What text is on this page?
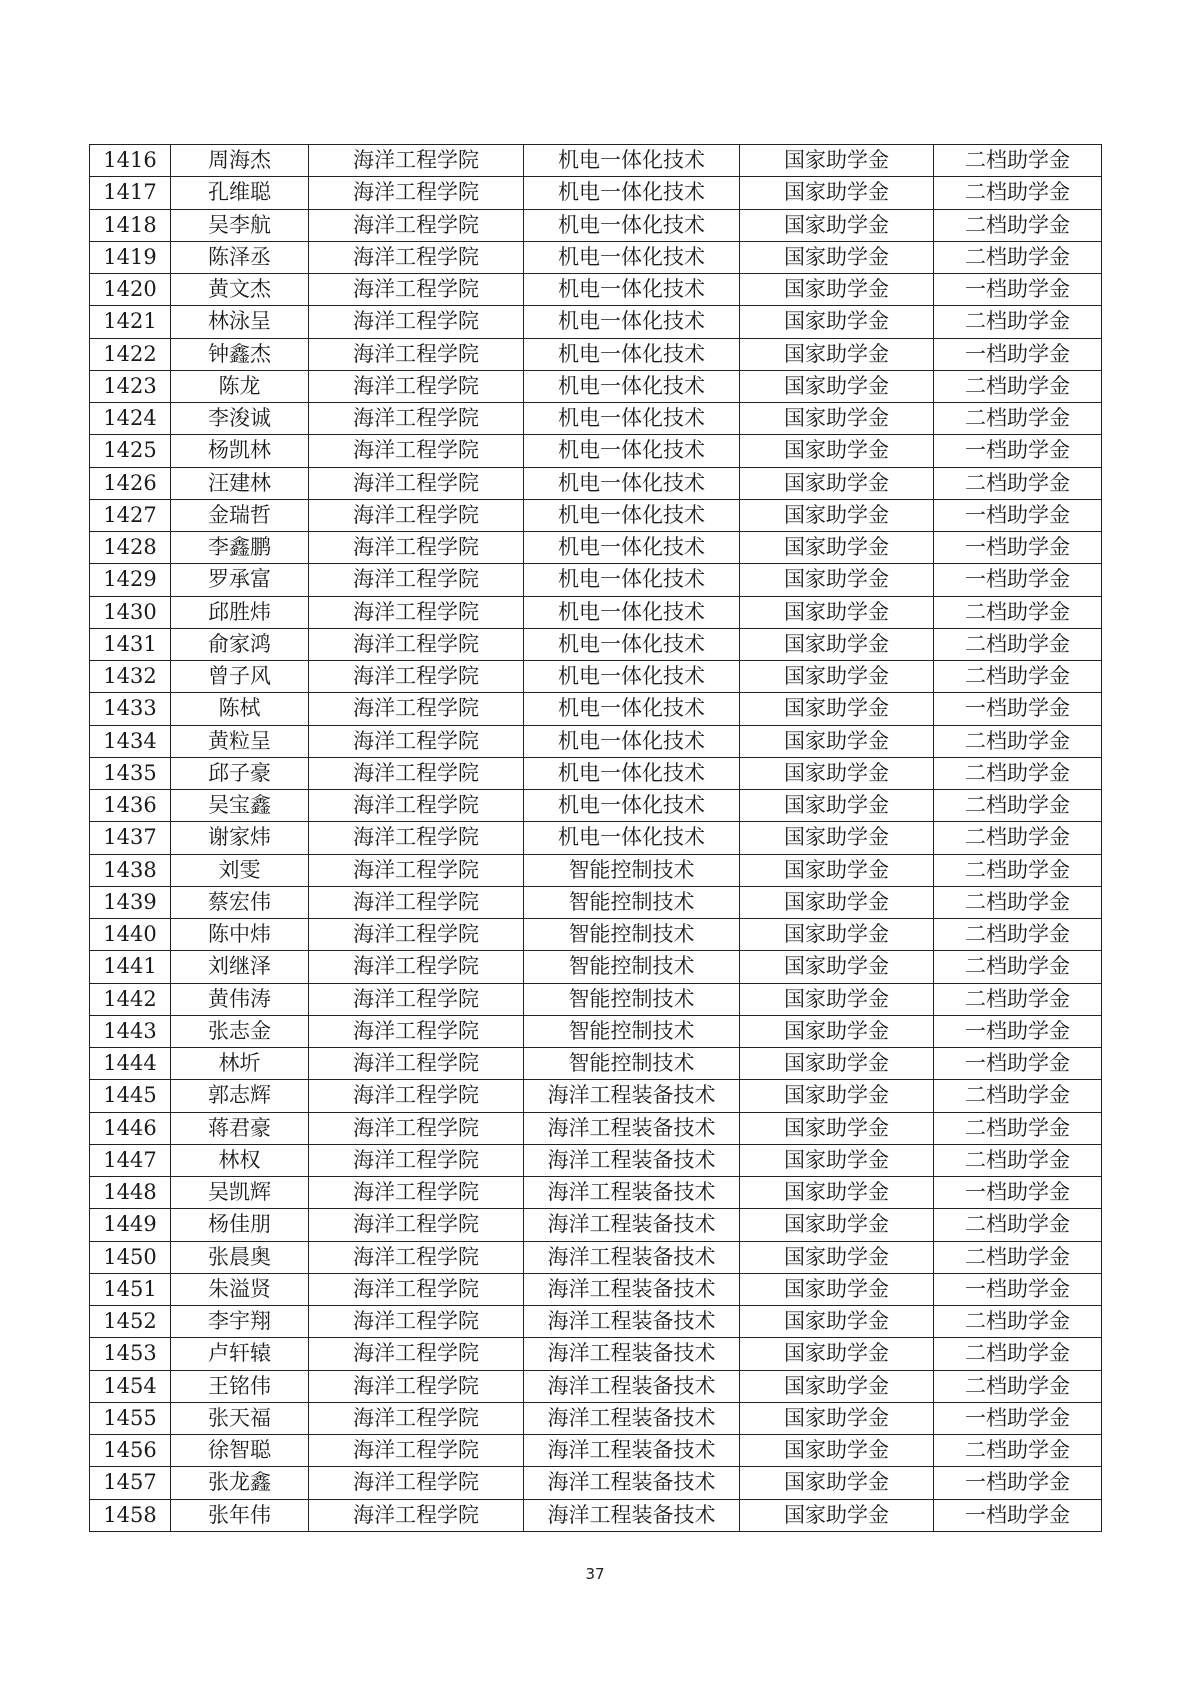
1416	周海杰	海洋工程学院	机电一体化技术	国家助学金	二档助学金
1417	孔维聪	海洋工程学院	机电一体化技术	国家助学金	二档助学金
1418	吴李航	海洋工程学院	机电一体化技术	国家助学金	二档助学金
1419	陈泽丞	海洋工程学院	机电一体化技术	国家助学金	二档助学金
1420	黄文杰	海洋工程学院	机电一体化技术	国家助学金	一档助学金
1421	林泳呈	海洋工程学院	机电一体化技术	国家助学金	二档助学金
1422	钟鑫杰	海洋工程学院	机电一体化技术	国家助学金	一档助学金
1423	陈龙	海洋工程学院	机电一体化技术	国家助学金	二档助学金
1424	李浚诚	海洋工程学院	机电一体化技术	国家助学金	二档助学金
1425	杨凯林	海洋工程学院	机电一体化技术	国家助学金	一档助学金
1426	汪建林	海洋工程学院	机电一体化技术	国家助学金	二档助学金
1427	金瑞哲	海洋工程学院	机电一体化技术	国家助学金	一档助学金
1428	李鑫鹏	海洋工程学院	机电一体化技术	国家助学金	一档助学金
1429	罗承富	海洋工程学院	机电一体化技术	国家助学金	一档助学金
1430	邱胜炜	海洋工程学院	机电一体化技术	国家助学金	二档助学金
1431	俞家鸿	海洋工程学院	机电一体化技术	国家助学金	二档助学金
1432	曾子风	海洋工程学院	机电一体化技术	国家助学金	二档助学金
1433	陈栻	海洋工程学院	机电一体化技术	国家助学金	一档助学金
1434	黄粒呈	海洋工程学院	机电一体化技术	国家助学金	二档助学金
1435	邱子豪	海洋工程学院	机电一体化技术	国家助学金	二档助学金
1436	吴宝鑫	海洋工程学院	机电一体化技术	国家助学金	二档助学金
1437	谢家炜	海洋工程学院	机电一体化技术	国家助学金	二档助学金
1438	刘雯	海洋工程学院	智能控制技术	国家助学金	二档助学金
1439	蔡宏伟	海洋工程学院	智能控制技术	国家助学金	二档助学金
1440	陈中炜	海洋工程学院	智能控制技术	国家助学金	二档助学金
1441	刘继泽	海洋工程学院	智能控制技术	国家助学金	二档助学金
1442	黄伟涛	海洋工程学院	智能控制技术	国家助学金	二档助学金
1443	张志金	海洋工程学院	智能控制技术	国家助学金	一档助学金
1444	林圻	海洋工程学院	智能控制技术	国家助学金	一档助学金
1445	郭志辉	海洋工程学院	海洋工程装备技术	国家助学金	二档助学金
1446	蒋君豪	海洋工程学院	海洋工程装备技术	国家助学金	二档助学金
1447	林权	海洋工程学院	海洋工程装备技术	国家助学金	二档助学金
1448	吴凯辉	海洋工程学院	海洋工程装备技术	国家助学金	一档助学金
1449	杨佳朋	海洋工程学院	海洋工程装备技术	国家助学金	二档助学金
1450	张晨奥	海洋工程学院	海洋工程装备技术	国家助学金	二档助学金
1451	朱溢贤	海洋工程学院	海洋工程装备技术	国家助学金	一档助学金
1452	李宇翔	海洋工程学院	海洋工程装备技术	国家助学金	二档助学金
1453	卢轩辕	海洋工程学院	海洋工程装备技术	国家助学金	二档助学金
1454	王铭伟	海洋工程学院	海洋工程装备技术	国家助学金	二档助学金
1455	张天福	海洋工程学院	海洋工程装备技术	国家助学金	一档助学金
1456	徐智聪	海洋工程学院	海洋工程装备技术	国家助学金	二档助学金
1457	张龙鑫	海洋工程学院	海洋工程装备技术	国家助学金	一档助学金
1458	张年伟	海洋工程学院	海洋工程装备技术	国家助学金	一档助学金
37
